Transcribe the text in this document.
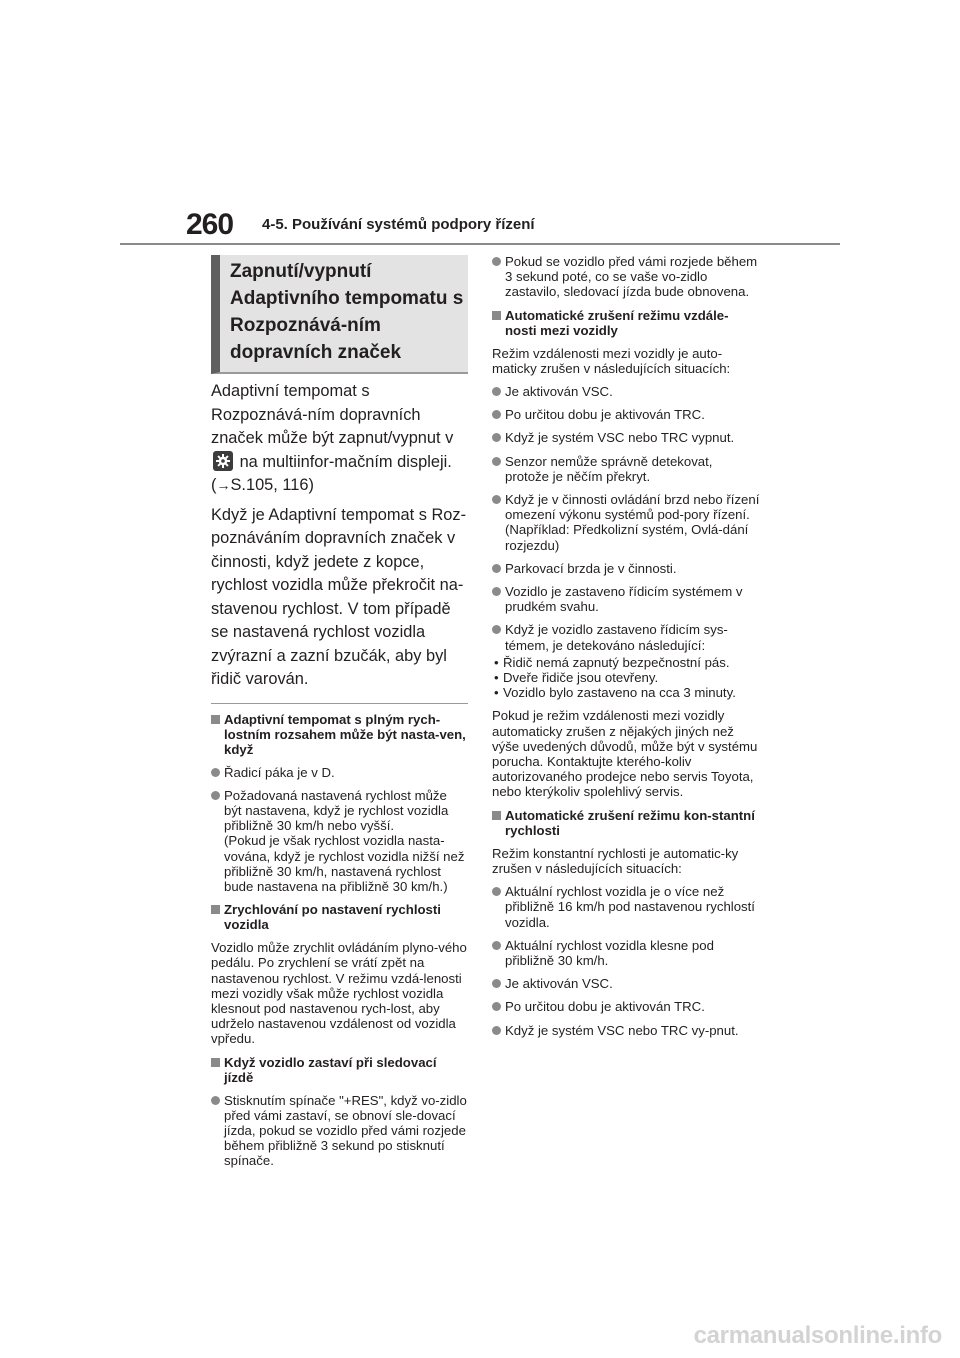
260 4-5. Používání systémů podpory řízení
Zapnutí/vypnutí Adaptivního tempomatu s Rozpoznává-ním dopravních značek

Adaptivní tempomat s Rozpoznává-ním dopravních značek může být zapnut/vypnut v
na multiinfor-mačním displeji. (→S.105, 116)

Když je Adaptivní tempomat s Roz-poznáváním dopravních značek v činnosti, když jedete z kopce, rychlost vozidla může překročit na-stavenou rychlost. V tom případě se nastavená rychlost vozidla zvýrazní a zazní bzučák, aby byl řidič varován.

Adaptivní tempomat s plným rych-lostním rozsahem může být nasta-ven, když
Řadicí páka je v D.
Požadovaná nastavená rychlost může být nastavena, když je rychlost vozidla přibližně 30 km/h nebo vyšší.
(Pokud je však rychlost vozidla nasta-vována, když je rychlost vozidla nižší než přibližně 30 km/h, nastavená rychlost bude nastavena na přibližně 30 km/h.)
Zrychlování po nastavení rychlosti vozidla

Vozidlo může zrychlit ovládáním plyno-vého pedálu. Po zrychlení se vrátí zpět na nastavenou rychlost. V režimu vzdá-lenosti mezi vozidly však může rychlost vozidla klesnout pod nastavenou rych-lost, aby udrželo nastavenou vzdálenost od vozidla vpředu.

Když vozidlo zastaví při sledovací jízdě
Stisknutím spínače "+RES", když vo-zidlo před vámi zastaví, se obnoví sle-dovací jízda, pokud se vozidlo před vámi rozjede během přibližně 3 sekund po stisknutí spínače.
Pokud se vozidlo před vámi rozjede během 3 sekund poté, co se vaše vo-zidlo zastavilo, sledovací jízda bude obnovena.
Automatické zrušení režimu vzdále-nosti mezi vozidly

Režim vzdálenosti mezi vozidly je auto-maticky zrušen v následujících situacích:

Je aktivován VSC.
Po určitou dobu je aktivován TRC.
Když je systém VSC nebo TRC vypnut.
Senzor nemůže správně detekovat, protože je něčím překryt.
Když je v činnosti ovládání brzd nebo řízení omezení výkonu systémů pod-pory řízení.
(Například: Předkolizní systém, Ovlá-dání rozjezdu)
Parkovací brzda je v činnosti.
Vozidlo je zastaveno řídicím systémem v prudkém svahu.
Když je vozidlo zastaveno řídicím sys-témem, je detekováno následující:
• Řidič nemá zapnutý bezpečnostní pás.
• Dveře řidiče jsou otevřeny.
• Vozidlo bylo zastaveno na cca 3 minuty.

Pokud je režim vzdálenosti mezi vozidly automaticky zrušen z nějakých jiných než výše uvedených důvodů, může být v systému porucha. Kontaktujte kterého-koliv autorizovaného prodejce nebo servis Toyota, nebo kterýkoliv spolehlivý servis.

Automatické zrušení režimu kon-stantní rychlosti

Režim konstantní rychlosti je automatic-ky zrušen v následujících situacích:

Aktuální rychlost vozidla je o více než přibližně 16 km/h pod nastavenou rychlostí vozidla.
Aktuální rychlost vozidla klesne pod přibližně 30 km/h.
Je aktivován VSC.
Po určitou dobu je aktivován TRC.
Když je systém VSC nebo TRC vy-pnut.
carmanualsonline.info
